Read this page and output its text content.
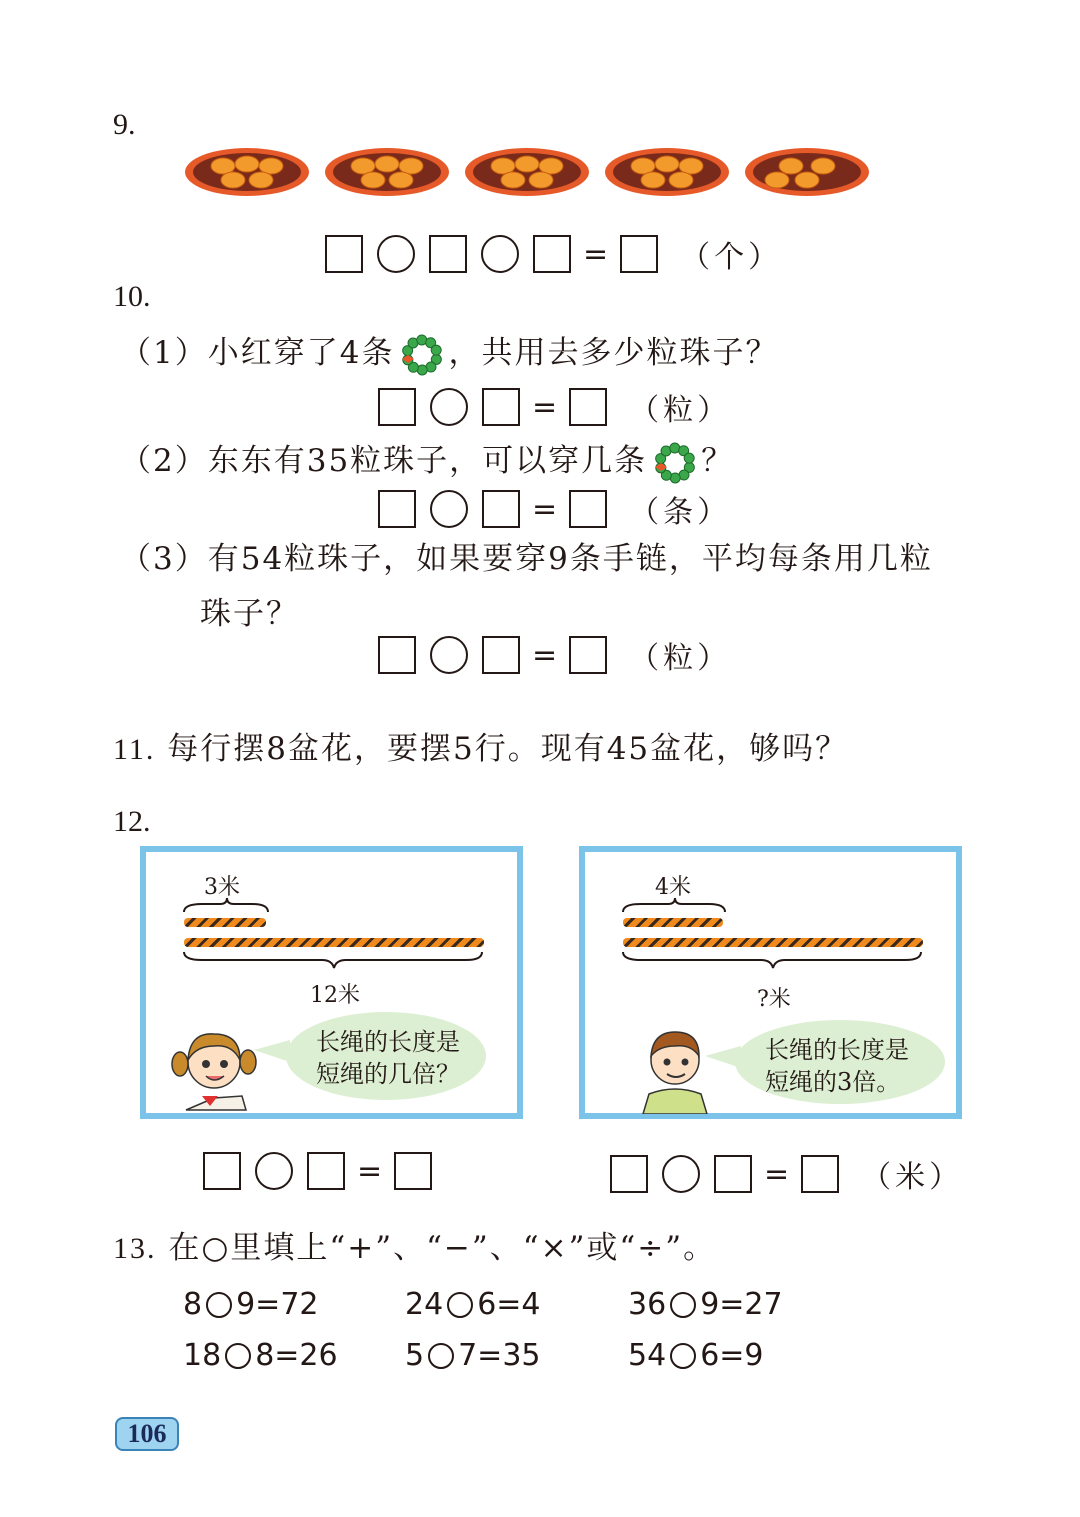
9.
= （个）
10.
（1）小红穿了4条 ，共用去多少粒珠子？
= （粒）
（2）东东有35粒珠子，可以穿几条 ？
= （条）
（3）有54粒珠子，如果要穿9条手链，平均每条用几粒
珠子？
= （粒）
11. 每行摆8盆花，要摆5行。现有45盆花，够吗？
12.
3米
12米
长绳的长度是
短绳的几倍？
4米
?米
长绳的长度是
短绳的3倍。
=	= （米）
13. 在○里填上“+”、“−”、“×”或“÷”。
8 9=72	24 6=4	36 9=27
18 8=26 5 7=35	54 6=9
106
